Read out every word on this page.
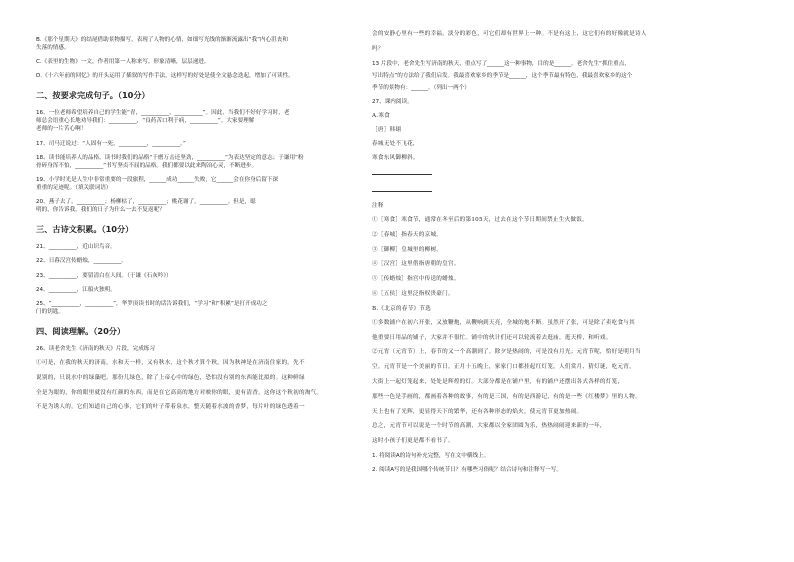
B.《那个星期天》的结尾借助景物描写，表现了人物的心情，如细写光线的渐渐流露出“我”内心沮丧和
失落的情感。
C.《表里的生物》一文，作者用第一人称来写，形象清晰，层层递进。
D.《十六年前的回忆》的开头运用了插叙的写作手法，这样写的好处是使全文悬念迭起，增加了可读性。
二、按要求完成句子。（10分）
16、一位老师希望培养自己的学生能“青，__________，__________”。因此，当我们不好好学习时，老
师总会语重心长地劝导我们：__________，“良药苦口利于病，__________”。大家要理解
老师的一片苦心啊！
17、司马迁说过：“人固有一死，__________，__________。”
18、读书能培养人的品格。读书时我们的品格“千磨万击还坚劲，__________”为表达坚定的意志；于谦用“粉
骨碎身浑不怕，__________”书写坚贞不屈的品格。我们都要以此来陶冶心灵，不断进步。
19、小学时光是人生中非常重要的一段旅程，______成功______失败，它______会在你身后留下深
重重的足迹呢。（填关联词语）
20、燕子去了，__________；杨柳枯了，__________；桃花谢了，__________。但是，聪
明的，你告诉我，我们的日子为什么一去不复返呢？
三、古诗文积累。（10分）
21、__________，近山识鸟音。
22、日暮汉宫传蜡烛，__________。
23、__________，要留清白在人间。（于谦《石灰吟》）
24、__________，江船火独明。
25、“__________，__________”，华罗庚读书时的话告诉我们，“学习”和“积累”是打开成功之
门的钥匙。
四、阅读理解。（20分）
26、读老舍先生《济南的秋天》片段，完成练习
①可是，在我的秋天的济南，水和天一样，又有秋水，这个秋才算个秋，因为秋神是在济南住家的。先不
说别的，只说水中的绿藻吧。那份儿绿色，除了上帝心中的绿色，恐怕没有别的东西能比拟的。这种鲜绿
全是为眼的，你的眼里就没有红颜的东西，而是在它高高的地方对映你的眼，更有清香，这你这个秋初的淘气。
不是为诱人的，它们知道自己的心事，它们的叶子带着泉水，整天随着水波的香梦，每片叶的绿色透着一
会的安静心里有一些的幸福，淡分的彩色，可它们却有世界上一种。不是有这上，这它们有的好像就是诗人
吗？
13 片段中，老舍先生写济南的秋天，重点写了______这一种事物，目的是______。老舍先生“抓住重点，
写出特点”的方法给了我们启发。我最喜欢家乡的季节是______，这个季节最有特色，我最喜欢家乡的这个
季节的景物有：______。（列出一两个）
27、课内阅读。
A.寒食
［唐］韩翃
春城无处不飞花，
寒食东风御柳斜。
注释
①［寒食］寒食节，通常在冬至后的第105天，过去在这个节日期间禁止生火做饭。
②［春城］指春天的京城。
③［御柳］皇城里的柳树。
④［汉宫］这里借指唐朝的皇宫。
⑤［传蜡烛］指宫中传送的蜡烛。
⑥［五侯］这里泛指权贵豪门。
B.《北京的春节》节选
①多数铺户在初六开张，又放鞭炮，从鞭响到天亮，全城的炮不断。虽然开了张，可是除了卖吃食与其
他重要日用品的铺子，大家并不很忙。铺中的伙计们还可以轮流着去逛庙，逛天桥，和听戏。
②元宵（元宵节）上，春节的又一个高潮到了。除夕是热闹的，可是没有月光；元宵节呢，恰好是明月当
空。元宵节是一个美丽的节日。正月十五晚上，家家门口都挂起红灯笼，人们赏月、猜灯谜，吃元宵，
大街上一起灯笼起来，处处是辉煌的灯。大部分都是在铺户里，有的铺户还摆出各式各样的灯笼，
那些一色是手画的，都画着各种的故事，有的是三国，有的是西游记，有的是一些《红楼梦》里的人物。
天上也有了光辉，更显得天下的繁华，还有各种形态的焰火，使元宵节更加热闹。
总之，元宵节可以说是一个时节的高潮，大家都以全家团圆为乐，热热闹闹迎来新的一年，
这时小孩子们更是都不看书了。
1. 将阅读A的诗句补充完整，写在文中横线上。
2. 阅读A写的是我国哪个传统节日？有哪些习俗呢？结合诗句和注释写一写。
